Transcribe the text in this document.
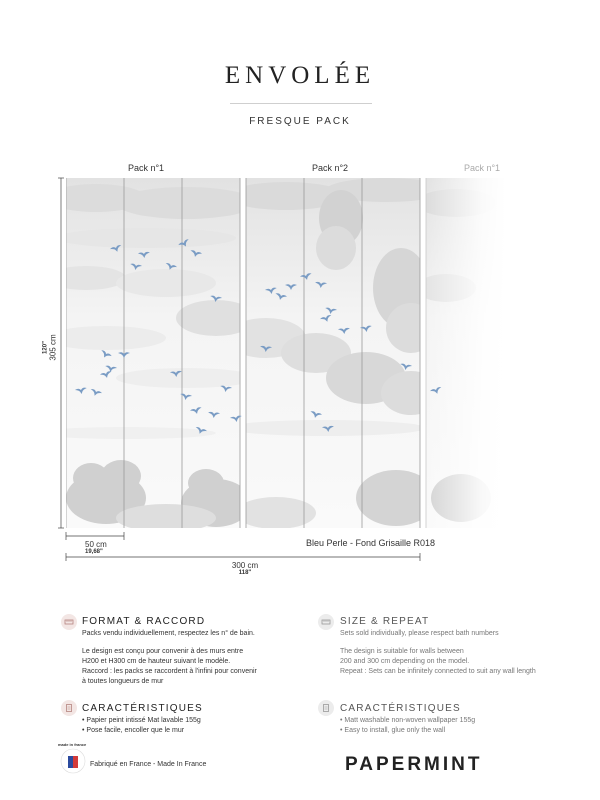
ENVOLÉE
FRESQUE PACK
Pack n°1	Pack n°2	Pack n°1
120" 305 cm
50 cm
19,68"
300 cm
118"
Bleu Perle - Fond Grisaille R018
FORMAT & RACCORD
Packs vendu individuellement, respectez les n° de bain.
Le design est conçu pour convenir à des murs entre
H200 et H300 cm de hauteur suivant le modèle.
Raccord : les packs se raccordent à l'infini pour convenir
à toutes longueurs de mur
CARACTÉRISTIQUES
• Papier peint intissé Mat lavable 155g
• Pose facile, encoller que le mur
SIZE & REPEAT
Sets sold individually, please respect bath numbers
The design is suitable for walls between
200 and 300 cm depending on the model.
Repeat : Sets can be infinitely connected to suit any wall length
CARACTÉRISTIQUES
• Matt washable non-woven wallpaper 155g
• Easy to install, glue only the wall
made in france
Fabriqué en France - Made In France	PAPERMINT
